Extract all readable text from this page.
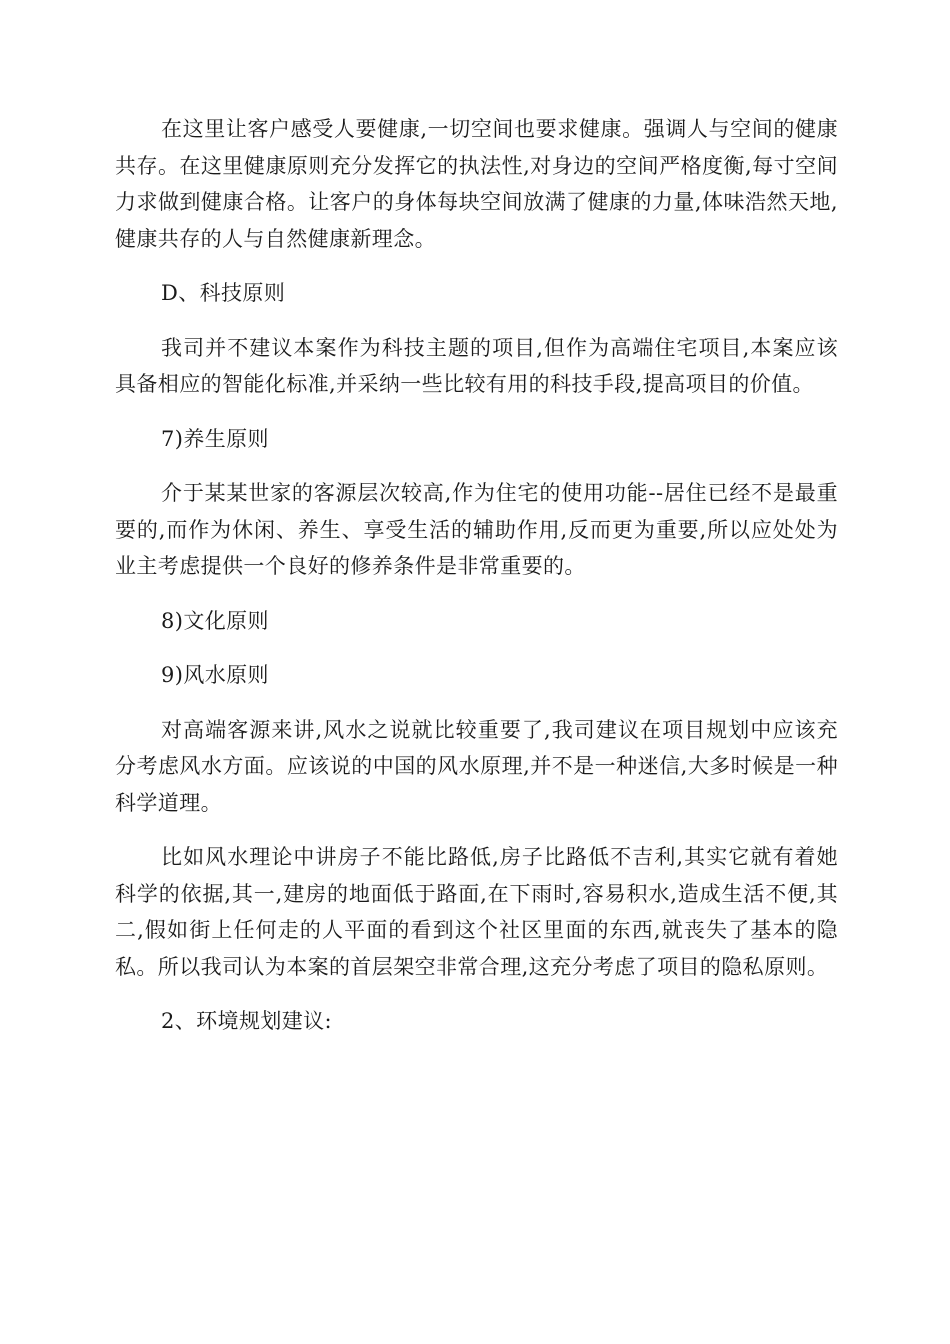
在这里让客户感受人要健康,一切空间也要求健康。强调人与空间的健康共存。在这里健康原则充分发挥它的执法性,对身边的空间严格度衡,每寸空间力求做到健康合格。让客户的身体每块空间放满了健康的力量,体味浩然天地,健康共存的人与自然健康新理念。

D、科技原则

我司并不建议本案作为科技主题的项目,但作为高端住宅项目,本案应该具备相应的智能化标准,并采纳一些比较有用的科技手段,提高项目的价值。

7)养生原则

介于某某世家的客源层次较高,作为住宅的使用功能--居住已经不是最重要的,而作为休闲、养生、享受生活的辅助作用,反而更为重要,所以应处处为业主考虑提供一个良好的修养条件是非常重要的。

8)文化原则

9)风水原则

对高端客源来讲,风水之说就比较重要了,我司建议在项目规划中应该充分考虑风水方面。应该说的中国的风水原理,并不是一种迷信,大多时候是一种科学道理。

比如风水理论中讲房子不能比路低,房子比路低不吉利,其实它就有着她科学的依据,其一,建房的地面低于路面,在下雨时,容易积水,造成生活不便,其二,假如街上任何走的人平面的看到这个社区里面的东西,就丧失了基本的隐私。所以我司认为本案的首层架空非常合理,这充分考虑了项目的隐私原则。

2、环境规划建议:
